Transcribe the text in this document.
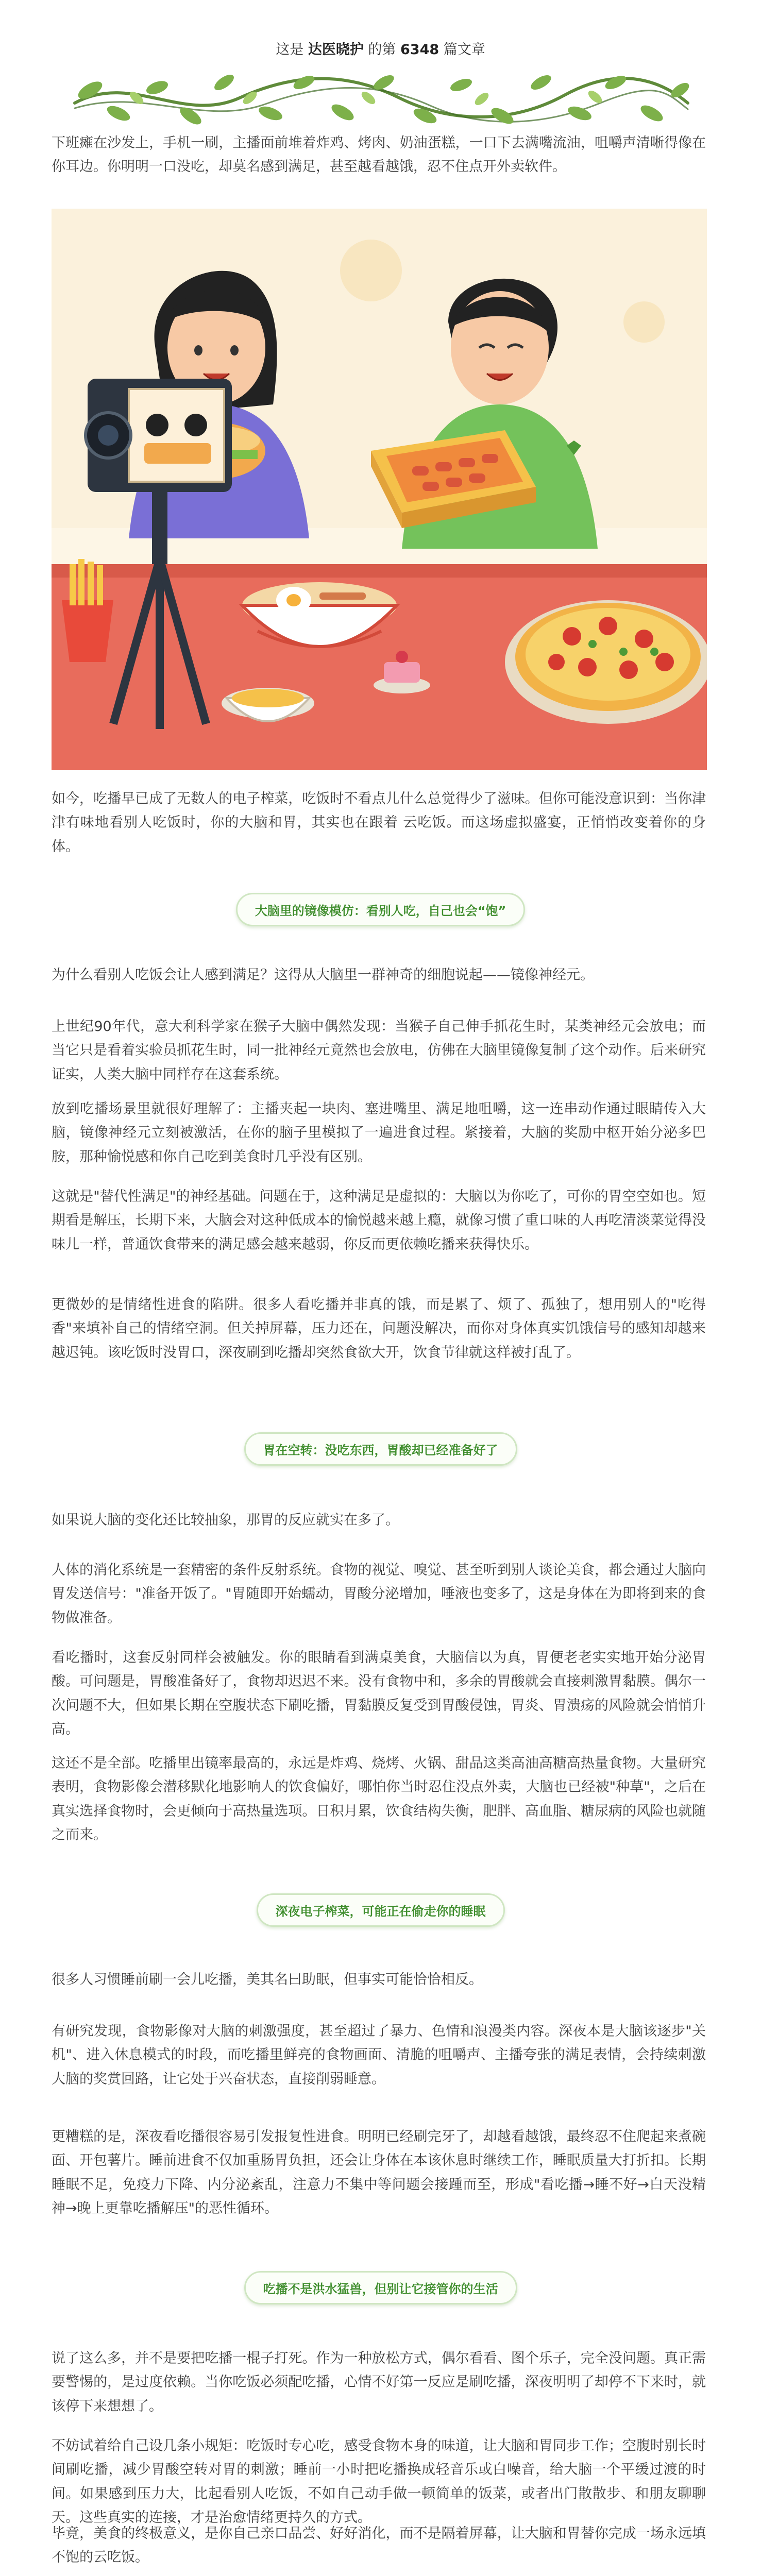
这是 达医晓护 的第 6348 篇文章

下班瘫在沙发上，手机一刷，主播面前堆着炸鸡、烤肉、奶油蛋糕，一口下去满嘴流油，咀嚼声清晰得像在你耳边。你明明一口没吃，却莫名感到满足，甚至越看越饿，忍不住点开外卖软件。

如今，吃播早已成了无数人的电子榨菜，吃饭时不看点儿什么总觉得少了滋味。但你可能没意识到：当你津津有味地看别人吃饭时，你的大脑和胃，其实也在跟着 云吃饭。而这场虚拟盛宴，正悄悄改变着你的身体。

大脑里的镜像模仿：看别人吃，自己也会“饱”

为什么看别人吃饭会让人感到满足？这得从大脑里一群神奇的细胞说起——镜像神经元。

上世纪90年代，意大利科学家在猴子大脑中偶然发现：当猴子自己伸手抓花生时，某类神经元会放电；而当它只是看着实验员抓花生时，同一批神经元竟然也会放电，仿佛在大脑里镜像复制了这个动作。后来研究证实，人类大脑中同样存在这套系统。

放到吃播场景里就很好理解了：主播夹起一块肉、塞进嘴里、满足地咀嚼，这一连串动作通过眼睛传入大脑，镜像神经元立刻被激活，在你的脑子里模拟了一遍进食过程。紧接着，大脑的奖励中枢开始分泌多巴胺，那种愉悦感和你自己吃到美食时几乎没有区别。

这就是"替代性满足"的神经基础。问题在于，这种满足是虚拟的：大脑以为你吃了，可你的胃空空如也。短期看是解压，长期下来，大脑会对这种低成本的愉悦越来越上瘾，就像习惯了重口味的人再吃清淡菜觉得没味儿一样，普通饮食带来的满足感会越来越弱，你反而更依赖吃播来获得快乐。

更微妙的是情绪性进食的陷阱。很多人看吃播并非真的饿，而是累了、烦了、孤独了，想用别人的"吃得香"来填补自己的情绪空洞。但关掉屏幕，压力还在，问题没解决，而你对身体真实饥饿信号的感知却越来越迟钝。该吃饭时没胃口，深夜刷到吃播却突然食欲大开，饮食节律就这样被打乱了。

胃在空转：没吃东西，胃酸却已经准备好了

如果说大脑的变化还比较抽象，那胃的反应就实在多了。

人体的消化系统是一套精密的条件反射系统。食物的视觉、嗅觉、甚至听到别人谈论美食，都会通过大脑向胃发送信号："准备开饭了。"胃随即开始蠕动，胃酸分泌增加，唾液也变多了，这是身体在为即将到来的食物做准备。

看吃播时，这套反射同样会被触发。你的眼睛看到满桌美食，大脑信以为真，胃便老老实实地开始分泌胃酸。可问题是，胃酸准备好了，食物却迟迟不来。没有食物中和，多余的胃酸就会直接刺激胃黏膜。偶尔一次问题不大，但如果长期在空腹状态下刷吃播，胃黏膜反复受到胃酸侵蚀，胃炎、胃溃疡的风险就会悄悄升高。

这还不是全部。吃播里出镜率最高的，永远是炸鸡、烧烤、火锅、甜品这类高油高糖高热量食物。大量研究表明，食物影像会潜移默化地影响人的饮食偏好，哪怕你当时忍住没点外卖，大脑也已经被"种草"，之后在真实选择食物时，会更倾向于高热量选项。日积月累，饮食结构失衡，肥胖、高血脂、糖尿病的风险也就随之而来。

深夜电子榨菜，可能正在偷走你的睡眠

很多人习惯睡前刷一会儿吃播，美其名曰助眠，但事实可能恰恰相反。

有研究发现，食物影像对大脑的刺激强度，甚至超过了暴力、色情和浪漫类内容。深夜本是大脑该逐步"关机"、进入休息模式的时段，而吃播里鲜亮的食物画面、清脆的咀嚼声、主播夸张的满足表情，会持续刺激大脑的奖赏回路，让它处于兴奋状态，直接削弱睡意。

更糟糕的是，深夜看吃播很容易引发报复性进食。明明已经刷完牙了，却越看越饿，最终忍不住爬起来煮碗面、开包薯片。睡前进食不仅加重肠胃负担，还会让身体在本该休息时继续工作，睡眠质量大打折扣。长期睡眠不足，免疫力下降、内分泌紊乱，注意力不集中等问题会接踵而至，形成"看吃播→睡不好→白天没精神→晚上更靠吃播解压"的恶性循环。

吃播不是洪水猛兽，但别让它接管你的生活

说了这么多，并不是要把吃播一棍子打死。作为一种放松方式，偶尔看看、图个乐子，完全没问题。真正需要警惕的，是过度依赖。当你吃饭必须配吃播，心情不好第一反应是刷吃播，深夜明明了却停不下来时，就该停下来想想了。

不妨试着给自己设几条小规矩：吃饭时专心吃，感受食物本身的味道，让大脑和胃同步工作；空腹时别长时间刷吃播，减少胃酸空转对胃的刺激；睡前一小时把吃播换成轻音乐或白噪音，给大脑一个平缓过渡的时间。如果感到压力大，比起看别人吃饭，不如自己动手做一顿简单的饭菜，或者出门散散步、和朋友聊聊天。这些真实的连接，才是治愈情绪更持久的方式。

毕竟，美食的终极意义，是你自己亲口品尝、好好消化，而不是隔着屏幕，让大脑和胃替你完成一场永远填不饱的云吃饭。
